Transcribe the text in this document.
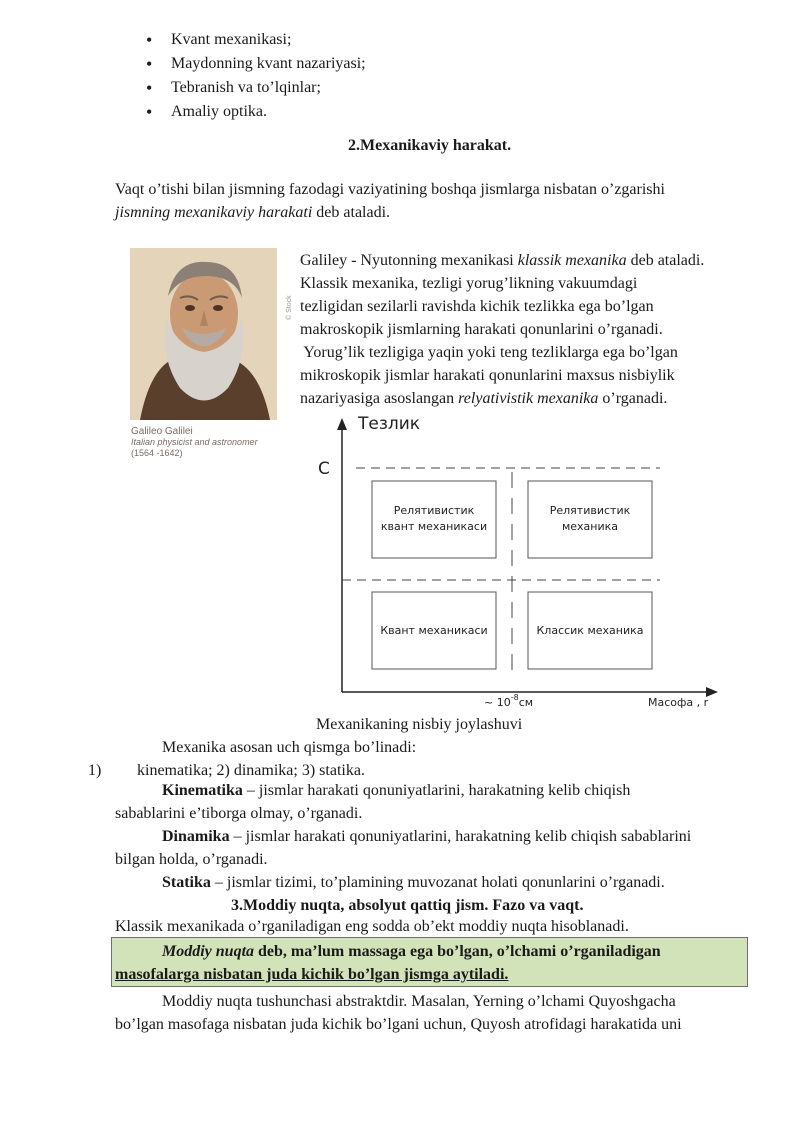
• Kvant mexanikasi;
• Maydonning kvant nazariyasi;
• Tebranish va to’lqinlar;
• Amaliy optika.
2.Mexanikaviy harakat.
Vaqt o’tishi bilan jismning fazodagi vaziyatining boshqa jismlarga nisbatan o’zgarishi
jismning mexanikaviy harakati deb ataladi.
© Stock
Galileo Galilei
Italian physicist and astronomer
(1564 -1642)
Galiley - Nyutonning mexanikasi klassik mexanika deb ataladi.
Klassik mexanika, tezligi yorug’likning vakuumdagi
tezligidan sezilarli ravishda kichik tezlikka ega bo’lgan
makroskopik jismlarning harakati qonunlarini o’rganadi.
Yorug’lik tezligiga yaqin yoki teng tezliklarga ega bo’lgan
mikroskopik jismlar harakati qonunlarini maxsus nisbiylik
nazariyasiga asoslangan relyativistik mexanika o’rganadi.
Релятивистик
квант механикаси
Релятивистик
механика
Квант механикаси	Классик механика
Тезлик
C
~ $10^{-8}см$	Масофа , r
Mexanikaning nisbiy joylashuvi
Mexanika asosan uch qismga bo’linadi:
1) kinematika; 2) dinamika; 3) statika.
Kinematika – jismlar harakati qonuniyatlarini, harakatning kelib chiqish
sabablarini e’tiborga olmay, o’rganadi.
Dinamika – jismlar harakati qonuniyatlarini, harakatning kelib chiqish sabablarini
bilgan holda, o’rganadi.
Statika – jismlar tizimi, to’plamining muvozanat holati qonunlarini o’rganadi.
3.Moddiy nuqta, absolyut qattiq jism. Fazo va vaqt.
Klassik mexanikada o’rganiladigan eng sodda ob’ekt moddiy nuqta hisoblanadi.
Moddiy nuqta deb, ma’lum massaga ega bo’lgan, o’lchami o’rganiladigan
masofalarga nisbatan juda kichik bo’lgan jismga aytiladi.
Moddiy nuqta tushunchasi abstraktdir. Masalan, Yerning o’lchami Quyoshgacha
bo’lgan masofaga nisbatan juda kichik bo’lgani uchun, Quyosh atrofidagi harakatida uni
